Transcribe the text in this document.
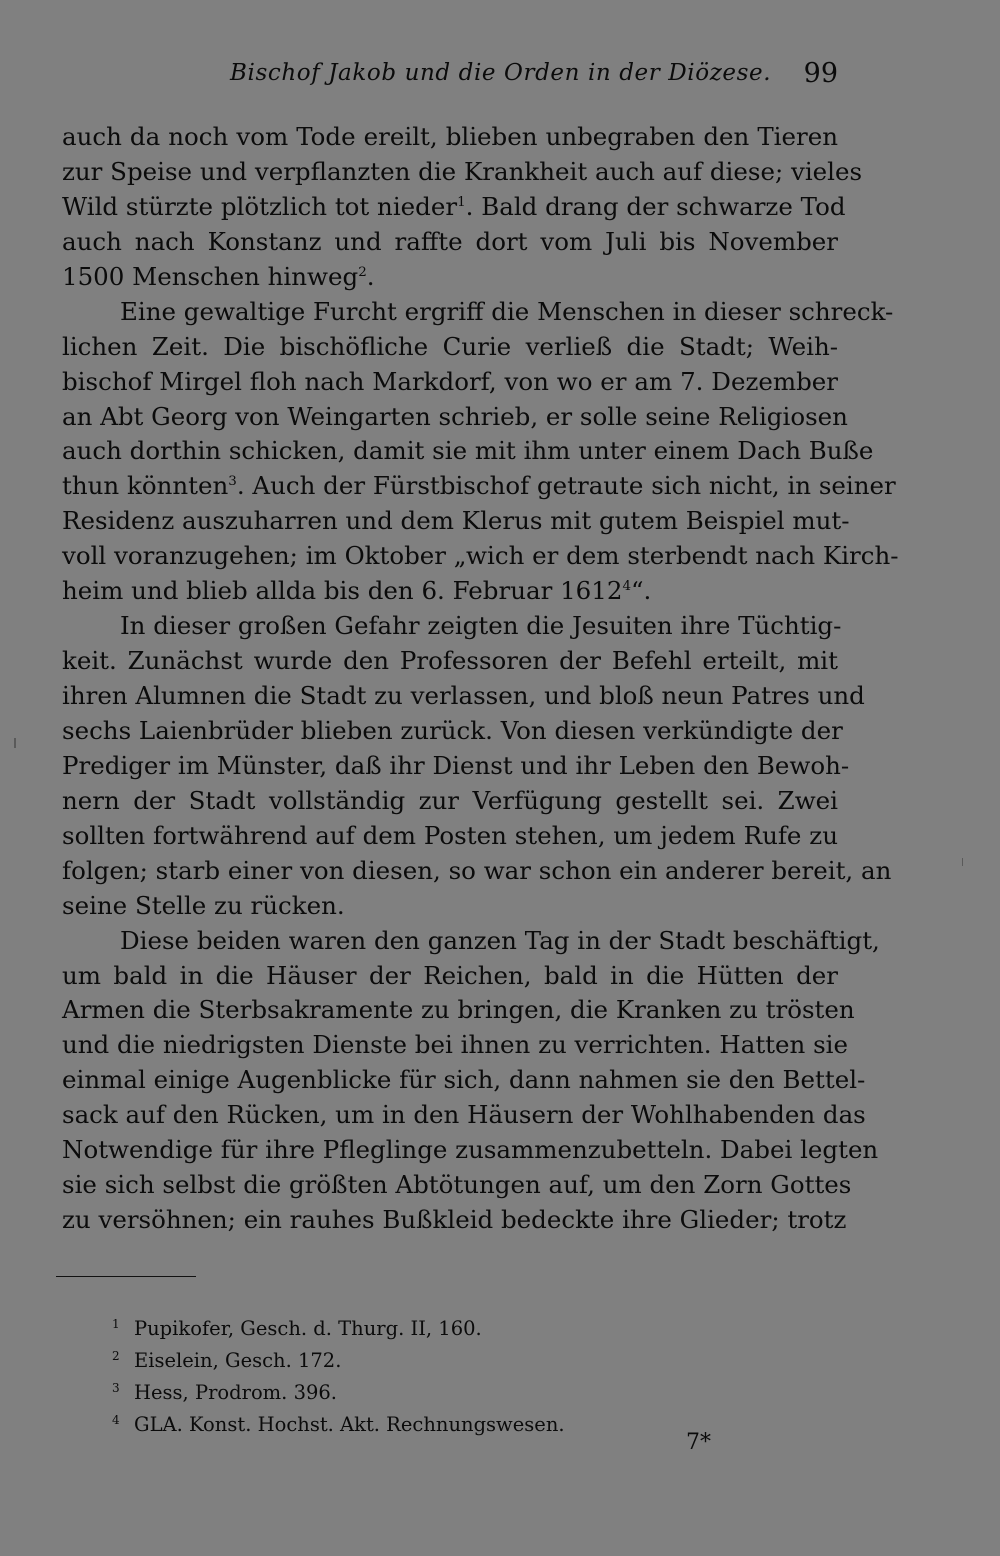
Bischof Jakob und die Orden in der Diözese. 99
auch da noch vom Tode ereilt, blieben unbegraben den Tieren
zur Speise und verpflanzten die Krankheit auch auf diese; vieles
Wild stürzte plötzlich tot nieder$^1$. Bald drang der schwarze Tod
auch nach Konstanz und raffte dort vom Juli bis November
1500 Menschen hinweg$^2$.
Eine gewaltige Furcht ergriff die Menschen in dieser schreck-
lichen Zeit. Die bischöfliche Curie verließ die Stadt; Weih-
bischof Mirgel floh nach Markdorf, von wo er am 7. Dezember
an Abt Georg von Weingarten schrieb, er solle seine Religiosen
auch dorthin schicken, damit sie mit ihm unter einem Dach Buße
thun könnten$^3$. Auch der Fürstbischof getraute sich nicht, in seiner
Residenz auszuharren und dem Klerus mit gutem Beispiel mut-
voll voranzugehen; im Oktober „wich er dem sterbendt nach Kirch-
heim und blieb allda bis den 6. Februar 1612$^4$“.
In dieser großen Gefahr zeigten die Jesuiten ihre Tüchtig-
keit. Zunächst wurde den Professoren der Befehl erteilt, mit
ihren Alumnen die Stadt zu verlassen, und bloß neun Patres und
sechs Laienbrüder blieben zurück. Von diesen verkündigte der
Prediger im Münster, daß ihr Dienst und ihr Leben den Bewoh-
nern der Stadt vollständig zur Verfügung gestellt sei. Zwei
sollten fortwährend auf dem Posten stehen, um jedem Rufe zu
folgen; starb einer von diesen, so war schon ein anderer bereit, an
seine Stelle zu rücken.
Diese beiden waren den ganzen Tag in der Stadt beschäftigt,
um bald in die Häuser der Reichen, bald in die Hütten der
Armen die Sterbsakramente zu bringen, die Kranken zu trösten
und die niedrigsten Dienste bei ihnen zu verrichten. Hatten sie
einmal einige Augenblicke für sich, dann nahmen sie den Bettel-
sack auf den Rücken, um in den Häusern der Wohlhabenden das
Notwendige für ihre Pfleglinge zusammenzubetteln. Dabei legten
sie sich selbst die größten Abtötungen auf, um den Zorn Gottes
zu versöhnen; ein rauhes Bußkleid bedeckte ihre Glieder; trotz
1 Pupikofer, Gesch. d. Thurg. II, 160.
2 Eiselein, Gesch. 172.
3 Hess, Prodrom. 396.
4 GLA. Konst. Hochst. Akt. Rechnungswesen.
7*
